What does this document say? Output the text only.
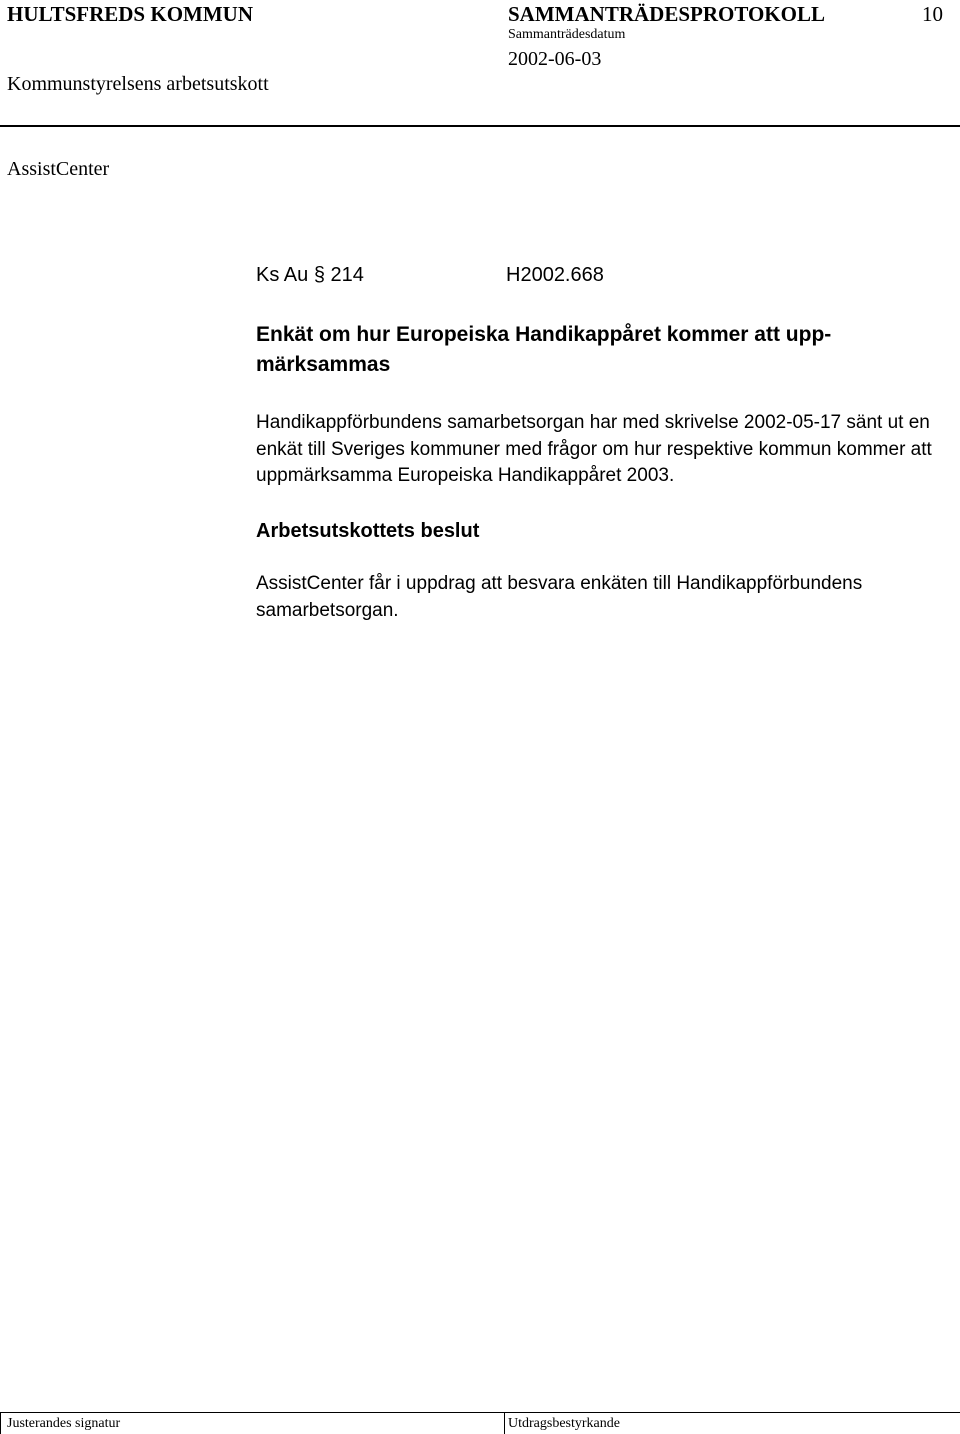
HULTSFREDS KOMMUN	SAMMANTRÄDESPROTOKOLL	10
Sammanträdesdatum
2002-06-03
Kommunstyrelsens arbetsutskott
AssistCenter
Ks Au § 214	H2002.668
Enkät om hur Europeiska Handikappåret kommer att upp-märksammas
Handikappförbundens samarbetsorgan har med skrivelse 2002-05-17 sänt ut en enkät till Sveriges kommuner med frågor om hur respektive kommun kommer att uppmärksamma Europeiska Handikappåret 2003.
Arbetsutskottets beslut
AssistCenter får i uppdrag att besvara enkäten till Handikappförbundens samarbetsorgan.
Justerandes signatur	Utdragsbestyrkande
